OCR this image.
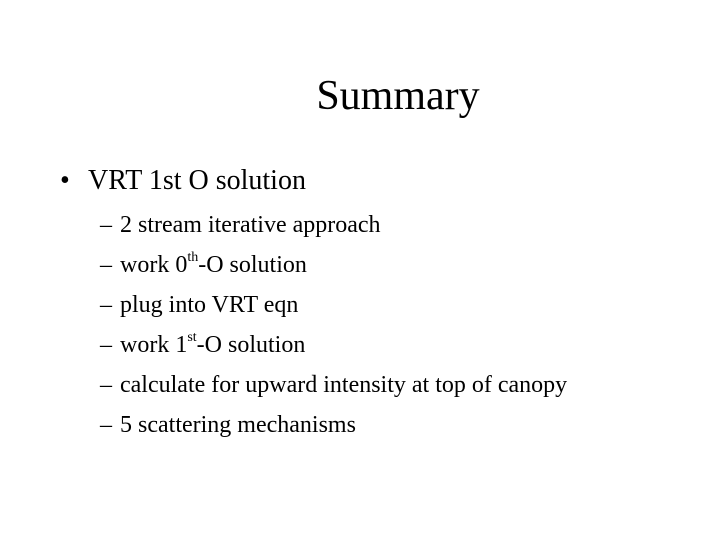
Summary
• VRT 1st O solution
– 2 stream iterative approach
– work 0th-O solution
– plug into VRT eqn
– work 1st-O solution
– calculate for upward intensity at top of canopy
– 5 scattering mechanisms
